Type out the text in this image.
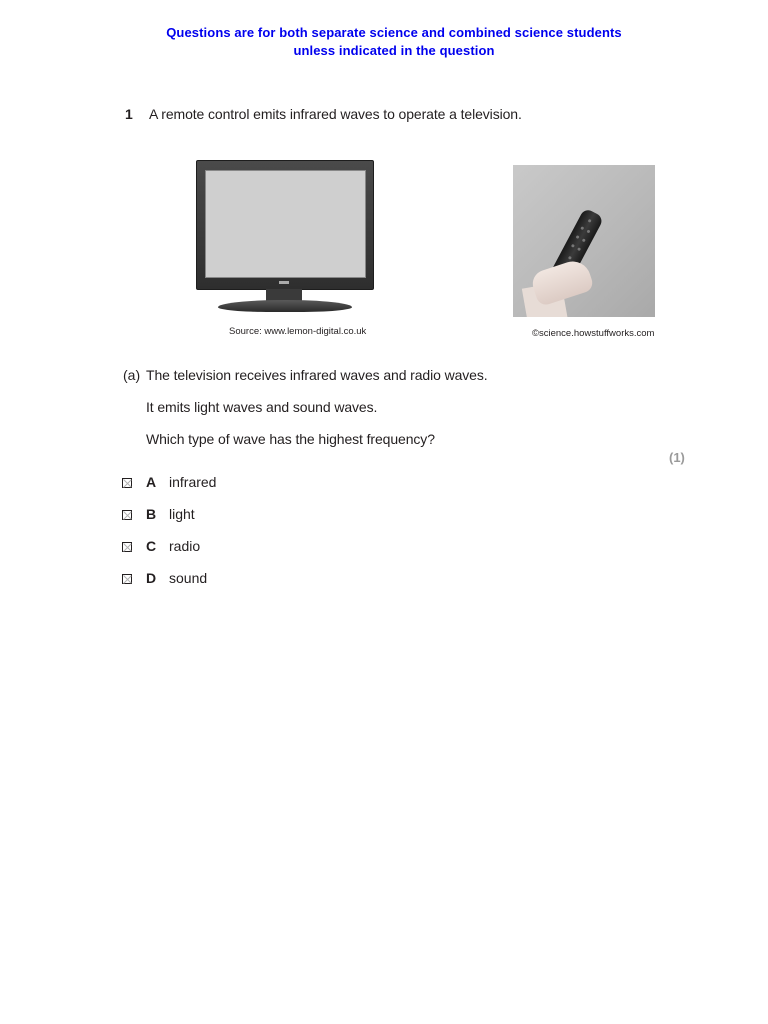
Questions are for both separate science and combined science students
unless indicated in the question
1 A remote control emits infrared waves to operate a television.
Source: www.lemon-digital.co.uk	©science.howstuffworks.com
(a) The television receives infrared waves and radio waves.
It emits light waves and sound waves.
Which type of wave has the highest frequency?
(1)
A infrared
B light
C radio
D sound
